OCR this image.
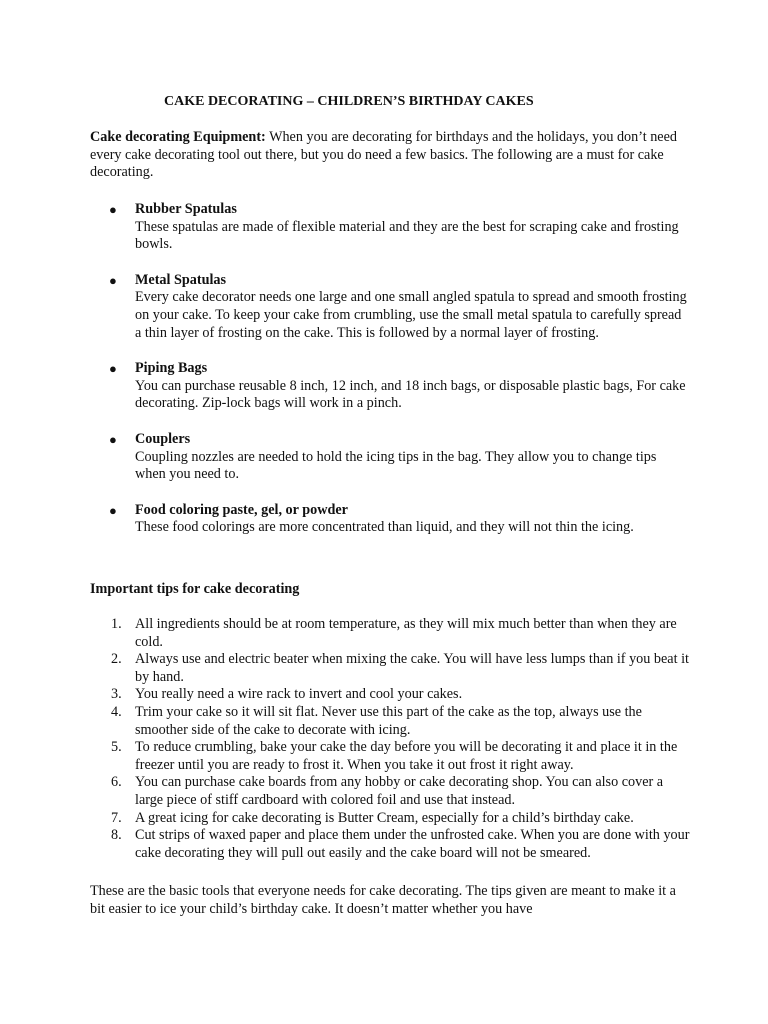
CAKE DECORATING – CHILDREN’S BIRTHDAY CAKES

Cake decorating Equipment: When you are decorating for birthdays and the holidays, you don’t need every cake decorating tool out there, but you do need a few basics. The following are a must for cake decorating.

● Rubber Spatulas
These spatulas are made of flexible material and they are the best for scraping cake and frosting bowls.
● Metal Spatulas
Every cake decorator needs one large and one small angled spatula to spread and smooth frosting on your cake. To keep your cake from crumbling, use the small metal spatula to carefully spread a thin layer of frosting on the cake. This is followed by a normal layer of frosting.
● Piping Bags
You can purchase reusable 8 inch, 12 inch, and 18 inch bags, or disposable plastic bags, For cake decorating. Zip-lock bags will work in a pinch.
● Couplers
Coupling nozzles are needed to hold the icing tips in the bag. They allow you to change tips when you need to.
● Food coloring paste, gel, or powder
These food colorings are more concentrated than liquid, and they will not thin the icing.
Important tips for cake decorating
1. All ingredients should be at room temperature, as they will mix much better than when they are cold.
2. Always use and electric beater when mixing the cake. You will have less lumps than if you beat it by hand.
3. You really need a wire rack to invert and cool your cakes.
4. Trim your cake so it will sit flat. Never use this part of the cake as the top, always use the smoother side of the cake to decorate with icing.
5. To reduce crumbling, bake your cake the day before you will be decorating it and place it in the freezer until you are ready to frost it. When you take it out frost it right away.
6. You can purchase cake boards from any hobby or cake decorating shop. You can also cover a large piece of stiff cardboard with colored foil and use that instead.
7. A great icing for cake decorating is Butter Cream, especially for a child’s birthday cake.
8. Cut strips of waxed paper and place them under the unfrosted cake. When you are done with your cake decorating they will pull out easily and the cake board will not be smeared.

These are the basic tools that everyone needs for cake decorating. The tips given are meant to make it a bit easier to ice your child’s birthday cake. It doesn’t matter whether you have
